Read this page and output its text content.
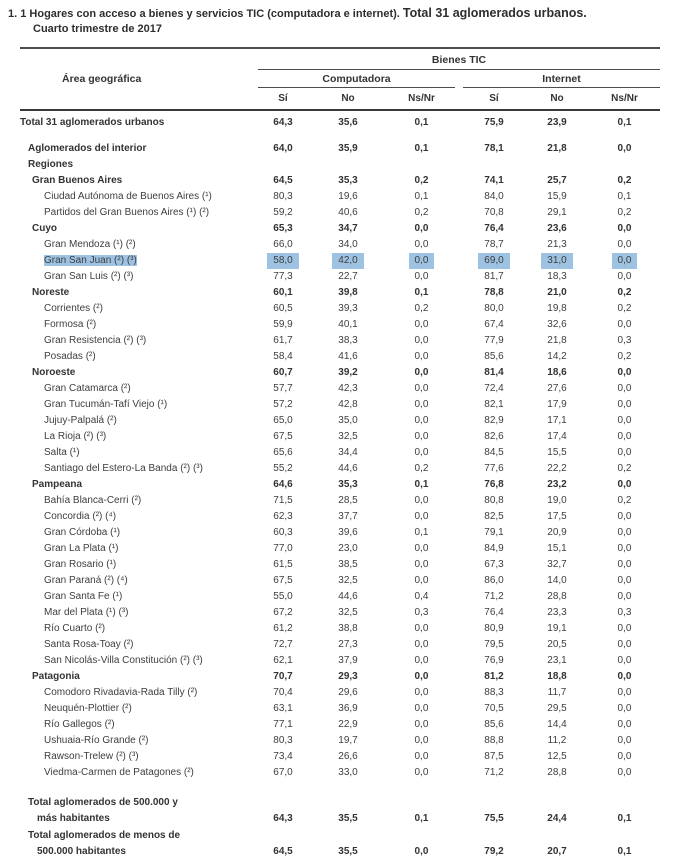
1. 1 Hogares con acceso a bienes y servicios TIC (computadora e internet). Total 31 aglomerados urbanos.
Cuarto trimestre de 2017
Área geográfica
Bienes TIC
Computadora	Internet
Sí	No	Ns/Nr	Sí	No	Ns/Nr
Total 31 aglomerados urbanos	64,3	35,6	0,1	75,9	23,9	0,1
Aglomerados del interior	64,0	35,9	0,1	78,1	21,8	0,0
Regiones
Gran Buenos Aires	64,5	35,3	0,2	74,1	25,7	0,2
Ciudad Autónoma de Buenos Aires (¹)	80,3	19,6	0,1	84,0	15,9	0,1
Partidos del Gran Buenos Aires (¹) (²)	59,2	40,6	0,2	70,8	29,1	0,2
Cuyo	65,3	34,7	0,0	76,4	23,6	0,0
Gran Mendoza (¹) (²)	66,0	34,0	0,0	78,7	21,3	0,0
Gran San Juan (²) (³)	58,0	42,0	0,0	69,0	31,0	0,0
Gran San Luis (²) (³)	77,3	22,7	0,0	81,7	18,3	0,0
Noreste	60,1	39,8	0,1	78,8	21,0	0,2
Corrientes (²)	60,5	39,3	0,2	80,0	19,8	0,2
Formosa (²)	59,9	40,1	0,0	67,4	32,6	0,0
Gran Resistencia (²) (³)	61,7	38,3	0,0	77,9	21,8	0,3
Posadas (²)	58,4	41,6	0,0	85,6	14,2	0,2
Noroeste	60,7	39,2	0,0	81,4	18,6	0,0
Gran Catamarca (²)	57,7	42,3	0,0	72,4	27,6	0,0
Gran Tucumán-Tafí Viejo (¹)	57,2	42,8	0,0	82,1	17,9	0,0
Jujuy-Palpalá (²)	65,0	35,0	0,0	82,9	17,1	0,0
La Rioja (²) (³)	67,5	32,5	0,0	82,6	17,4	0,0
Salta (¹)	65,6	34,4	0,0	84,5	15,5	0,0
Santiago del Estero-La Banda (²) (³)	55,2	44,6	0,2	77,6	22,2	0,2
Pampeana	64,6	35,3	0,1	76,8	23,2	0,0
Bahía Blanca-Cerri (²)	71,5	28,5	0,0	80,8	19,0	0,2
Concordia (²) (⁴)	62,3	37,7	0,0	82,5	17,5	0,0
Gran Córdoba (¹)	60,3	39,6	0,1	79,1	20,9	0,0
Gran La Plata (¹)	77,0	23,0	0,0	84,9	15,1	0,0
Gran Rosario (¹)	61,5	38,5	0,0	67,3	32,7	0,0
Gran Paraná (²) (⁴)	67,5	32,5	0,0	86,0	14,0	0,0
Gran Santa Fe (¹)	55,0	44,6	0,4	71,2	28,8	0,0
Mar del Plata (¹) (³)	67,2	32,5	0,3	76,4	23,3	0,3
Río Cuarto (²)	61,2	38,8	0,0	80,9	19,1	0,0
Santa Rosa-Toay (²)	72,7	27,3	0,0	79,5	20,5	0,0
San Nicolás-Villa Constitución (²) (³)	62,1	37,9	0,0	76,9	23,1	0,0
Patagonia	70,7	29,3	0,0	81,2	18,8	0,0
Comodoro Rivadavia-Rada Tilly (²)	70,4	29,6	0,0	88,3	11,7	0,0
Neuquén-Plottier (²)	63,1	36,9	0,0	70,5	29,5	0,0
Río Gallegos (²)	77,1	22,9	0,0	85,6	14,4	0,0
Ushuaia-Río Grande (²)	80,3	19,7	0,0	88,8	11,2	0,0
Rawson-Trelew (²) (³)	73,4	26,6	0,0	87,5	12,5	0,0
Viedma-Carmen de Patagones (²)	67,0	33,0	0,0	71,2	28,8	0,0
Total aglomerados de 500.000 y
más habitantes	64,3	35,5	0,1	75,5	24,4	0,1
Total aglomerados de menos de
500.000 habitantes	64,5	35,5	0,0	79,2	20,7	0,1
